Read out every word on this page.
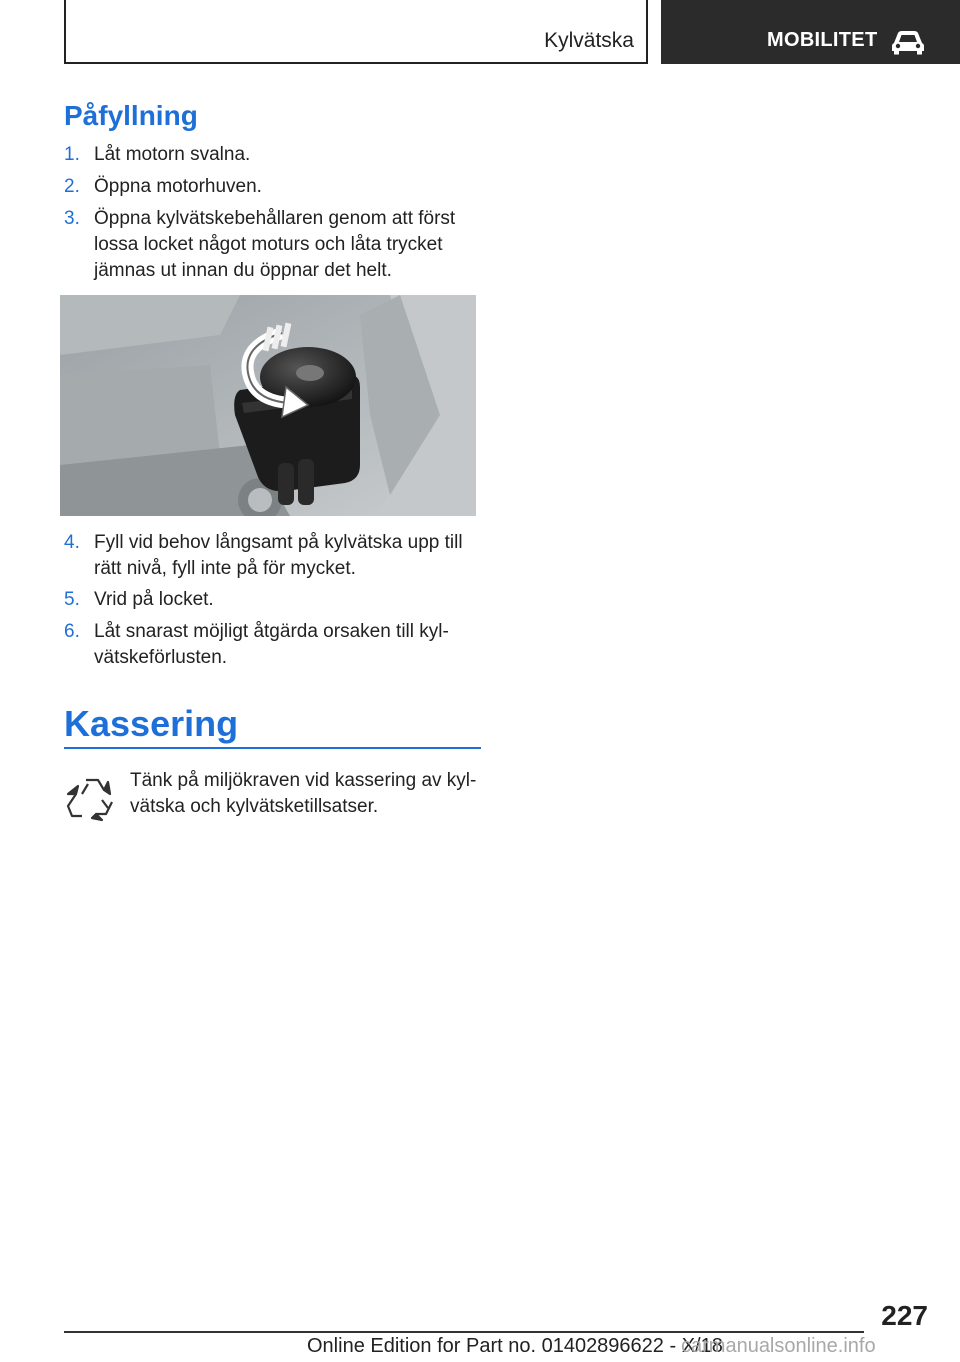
Kylvätska	MOBILITET
Påfyllning
1. Låt motorn svalna.
2. Öppna motorhuven.
3. Öppna kylvätskebehållaren genom att först lossa locket något moturs och låta trycket jämnas ut innan du öppnar det helt.
4. Fyll vid behov långsamt på kylvätska upp till rätt nivå, fyll inte på för mycket.
5. Vrid på locket.
6. Låt snarast möjligt åtgärda orsaken till kylvätskeförlusten.
Kassering
Tänk på miljökraven vid kassering av kylvätska och kylvätsketillsatser.
227
Online Edition for Part no. 01402896622 - X/18
carmanualsonline.info
